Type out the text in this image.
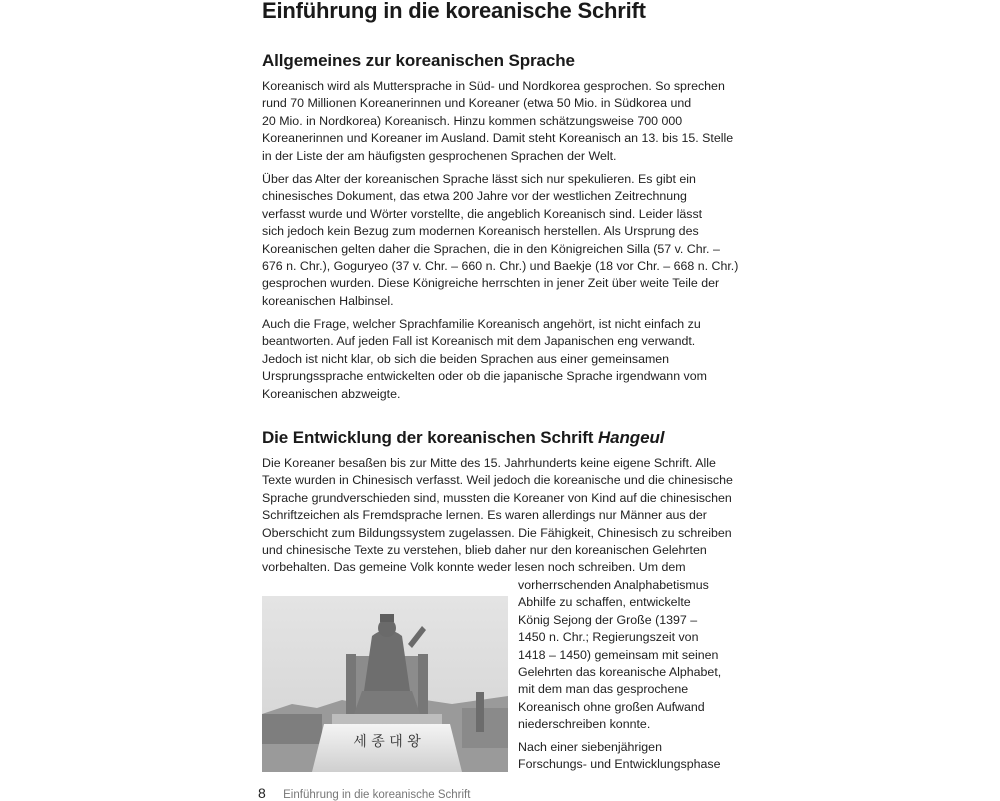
Einführung in die koreanische Schrift
Allgemeines zur koreanischen Sprache

Koreanisch wird als Muttersprache in Süd- und Nordkorea gesprochen. So sprechen
rund 70 Millionen Koreanerinnen und Koreaner (etwa 50 Mio. in Südkorea und
20 Mio. in Nordkorea) Koreanisch. Hinzu kommen schätzungsweise 700 000
Koreanerinnen und Koreaner im Ausland. Damit steht Koreanisch an 13. bis 15. Stelle
in der Liste der am häufigsten gesprochenen Sprachen der Welt.

Über das Alter der koreanischen Sprache lässt sich nur spekulieren. Es gibt ein
chinesisches Dokument, das etwa 200 Jahre vor der westlichen Zeitrechnung
verfasst wurde und Wörter vorstellte, die angeblich Koreanisch sind. Leider lässt
sich jedoch kein Bezug zum modernen Koreanisch herstellen. Als Ursprung des
Koreanischen gelten daher die Sprachen, die in den Königreichen Silla (57 v. Chr. –
676 n. Chr.), Goguryeo (37 v. Chr. – 660 n. Chr.) und Baekje (18 vor Chr. – 668 n. Chr.)
gesprochen wurden. Diese Königreiche herrschten in jener Zeit über weite Teile der
koreanischen Halbinsel.

Auch die Frage, welcher Sprachfamilie Koreanisch angehört, ist nicht einfach zu
beantworten. Auf jeden Fall ist Koreanisch mit dem Japanischen eng verwandt.
Jedoch ist nicht klar, ob sich die beiden Sprachen aus einer gemeinsamen
Ursprungssprache entwickelten oder ob die japanische Sprache irgendwann vom
Koreanischen abzweigte.

Die Entwicklung der koreanischen Schrift Hangeul

Die Koreaner besaßen bis zur Mitte des 15. Jahrhunderts keine eigene Schrift. Alle
Texte wurden in Chinesisch verfasst. Weil jedoch die koreanische und die chinesische
Sprache grundverschieden sind, mussten die Koreaner von Kind auf die chinesischen
Schriftzeichen als Fremdsprache lernen. Es waren allerdings nur Männer aus der
Oberschicht zum Bildungssystem zugelassen. Die Fähigkeit, Chinesisch zu schreiben
und chinesische Texte zu verstehen, blieb daher nur den koreanischen Gelehrten
vorbehalten. Das gemeine Volk konnte weder lesen noch schreiben. Um dem

vorherrschenden Analphabetismus
Abhilfe zu schaffen, entwickelte
König Sejong der Große (1397 –
1450 n. Chr.; Regierungszeit von
1418 – 1450) gemeinsam mit seinen
Gelehrten das koreanische Alphabet,
mit dem man das gesprochene
Koreanisch ohne großen Aufwand
niederschreiben konnte.

Nach einer siebenjährigen
Forschungs- und Entwicklungsphase

세 종 대 왕
8 Einführung in die koreanische Schrift
